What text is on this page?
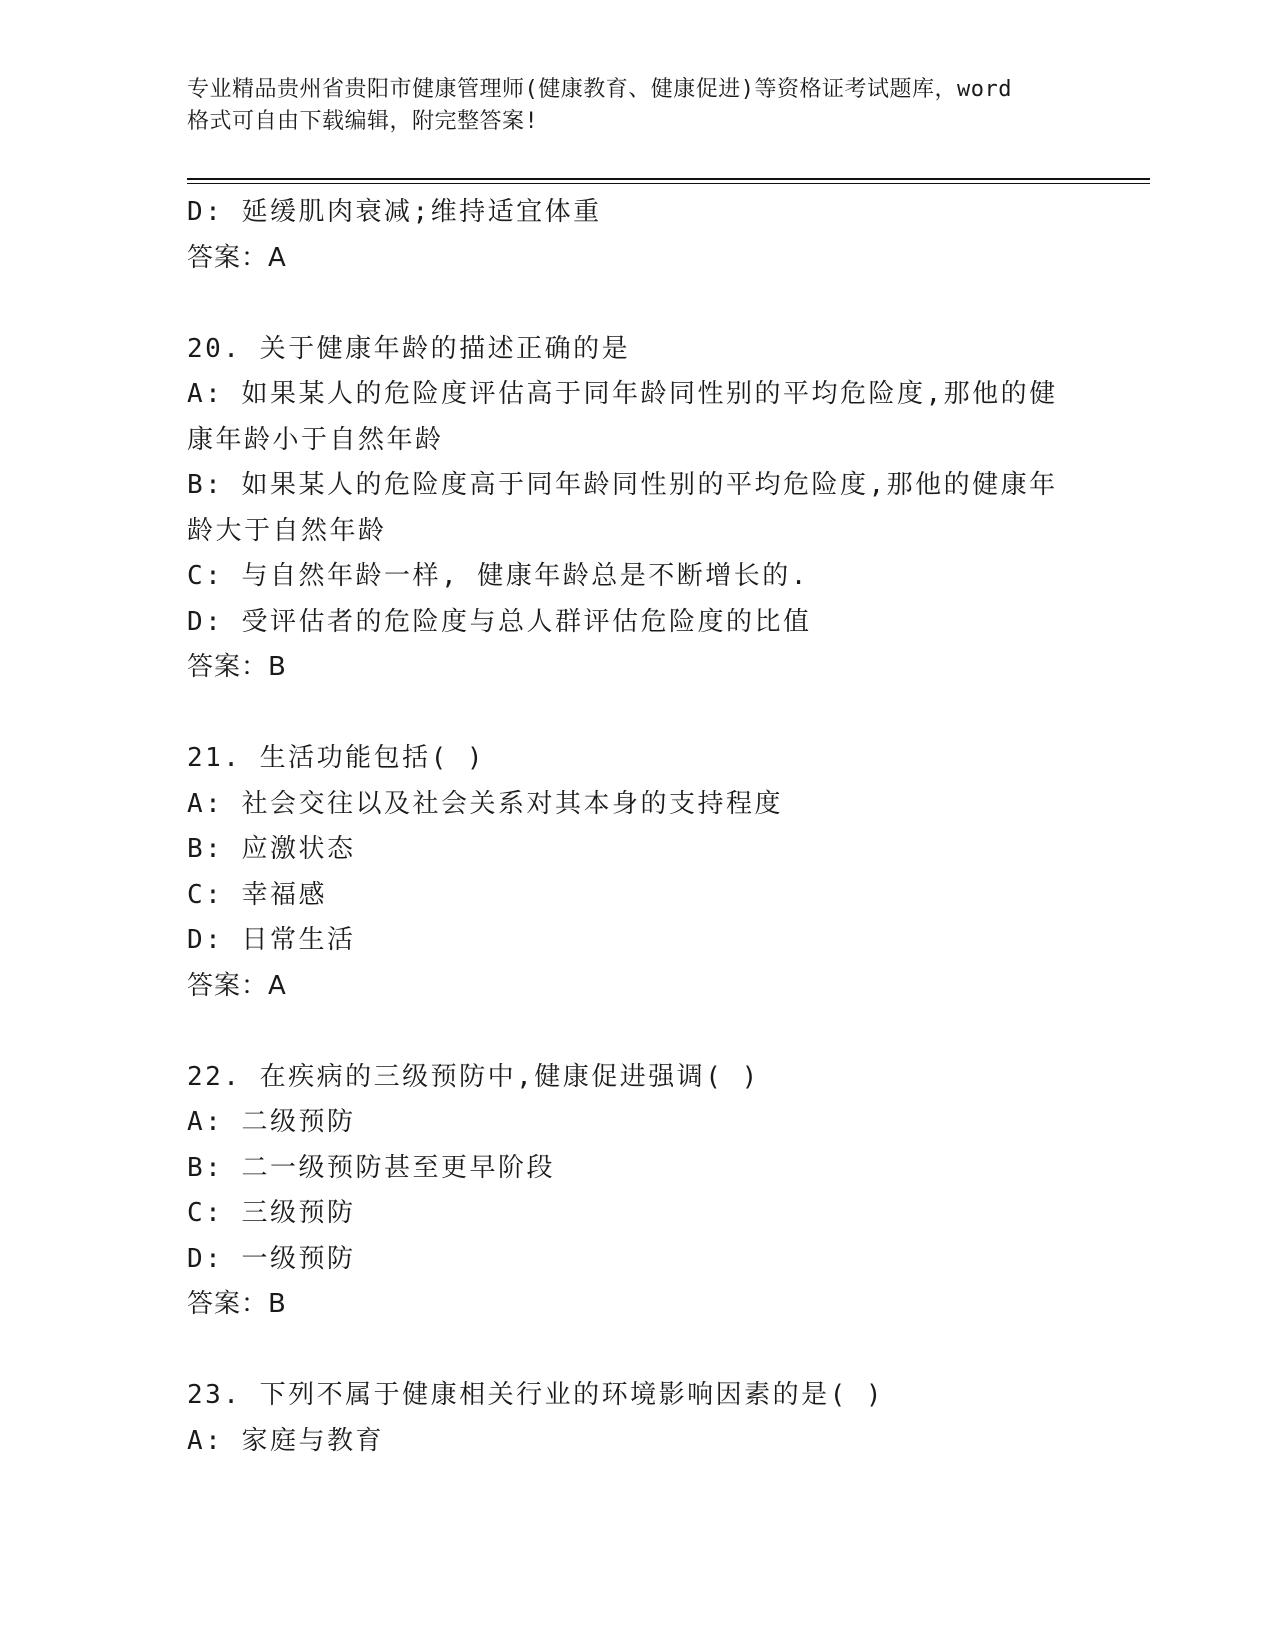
专业精品贵州省贵阳市健康管理师(健康教育、健康促进)等资格证考试题库，word
格式可自由下载编辑，附完整答案!
D: 延缓肌肉衰减;维持适宜体重
答案：A
20. 关于健康年龄的描述正确的是
A: 如果某人的危险度评估高于同年龄同性别的平均危险度,那他的健
康年龄小于自然年龄
B: 如果某人的危险度高于同年龄同性别的平均危险度,那他的健康年
龄大于自然年龄
C: 与自然年龄一样, 健康年龄总是不断增长的.
D: 受评估者的危险度与总人群评估危险度的比值
答案：B
21. 生活功能包括( )
A: 社会交往以及社会关系对其本身的支持程度
B: 应激状态
C: 幸福感
D: 日常生活
答案：A
22. 在疾病的三级预防中,健康促进强调( )
A: 二级预防
B: 二一级预防甚至更早阶段
C: 三级预防
D: 一级预防
答案：B
23. 下列不属于健康相关行业的环境影响因素的是( )
A: 家庭与教育
